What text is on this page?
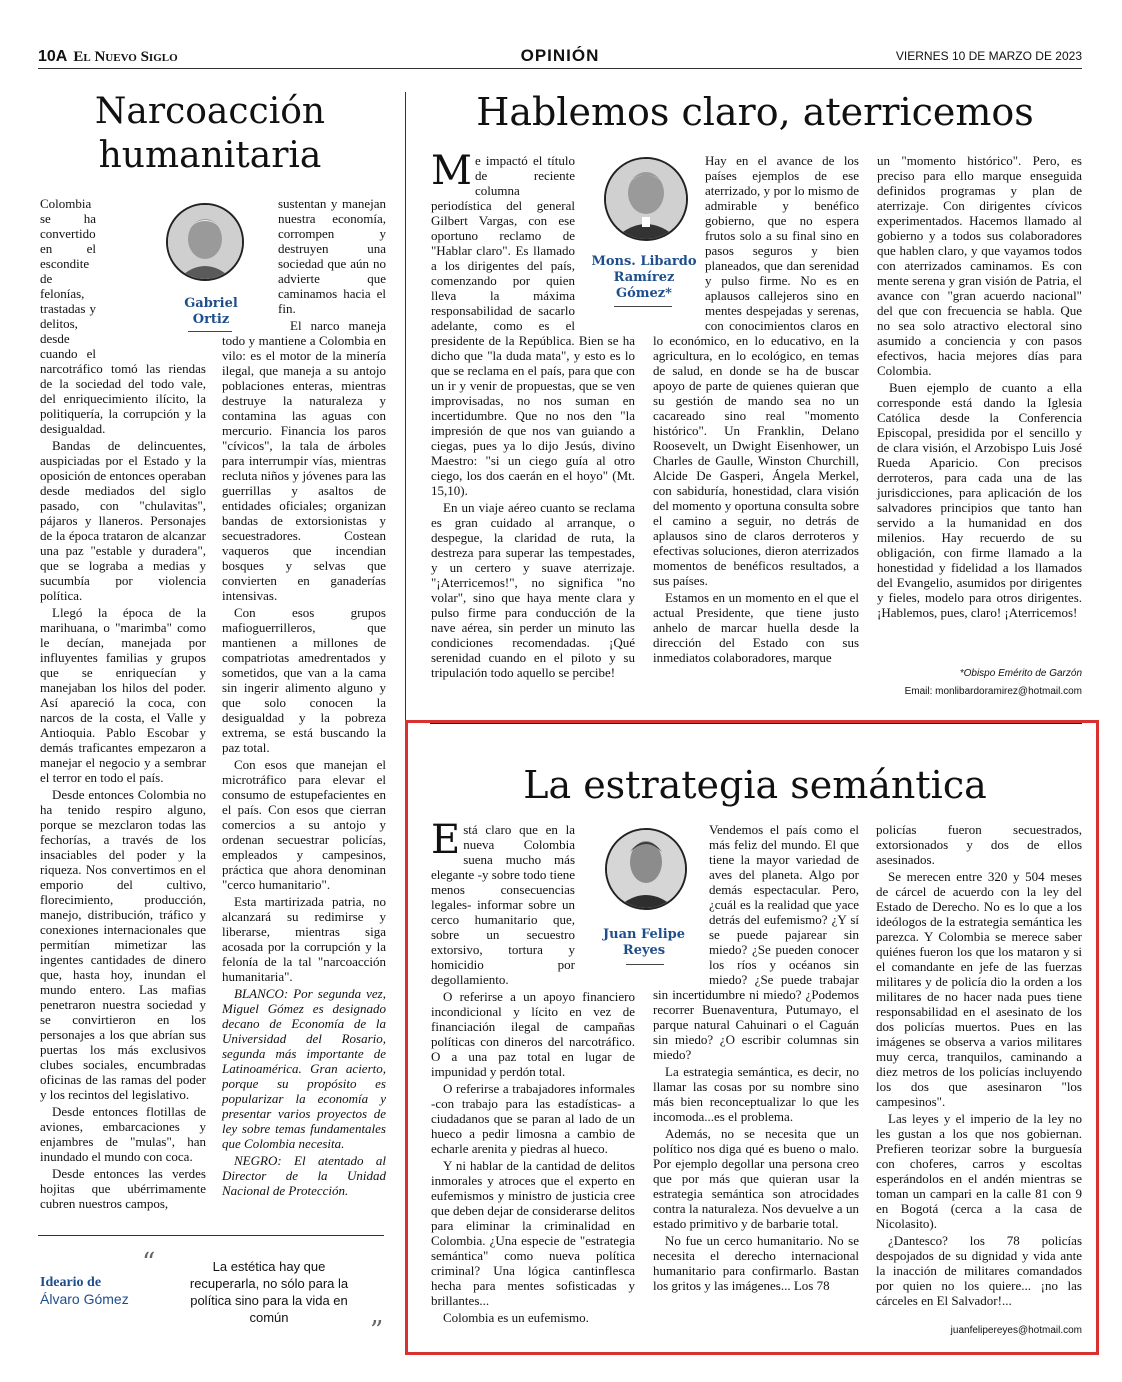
10A El Nuevo Siglo	OPINIÓN	VIERNES 10 DE MARZO DE 2023
Narcoacción humanitaria
Gabriel Ortiz

Colombia se ha convertido en el escondite de felonías, trastadas y delitos, desde cuando el narcotráfico tomó las riendas de la sociedad del todo vale, del enriquecimiento ilícito, la politiquería, la corrupción y la desigualdad.

Bandas de delincuentes, auspiciadas por el Estado y la oposición de entonces operaban desde mediados del siglo pasado, con "chulavitas", pájaros y llaneros. Personajes de la época trataron de alcanzar una paz "estable y duradera", que se lograba a medias y sucumbía por violencia política.

Llegó la época de la marihuana, o "marimba" como le decían, manejada por influyentes familias y grupos que se enriquecían y manejaban los hilos del poder. Así apareció la coca, con narcos de la costa, el Valle y Antioquia. Pablo Escobar y demás traficantes empezaron a manejar el negocio y a sembrar el terror en todo el país.

Desde entonces Colombia no ha tenido respiro alguno, porque se mezclaron todas las fechorías, a través de los insaciables del poder y la riqueza. Nos convertimos en el emporio del cultivo, florecimiento, producción, manejo, distribución, tráfico y conexiones internacionales que permitían mimetizar las ingentes cantidades de dinero que, hasta hoy, inundan el mundo entero. Las mafias penetraron nuestra sociedad y se convirtieron en los personajes a los que abrían sus puertas los más exclusivos clubes sociales, encumbradas oficinas de las ramas del poder y los recintos del legislativo.

Desde entonces flotillas de aviones, embarcaciones y enjambres de "mulas", han inundado el mundo con coca.

Desde entonces las verdes hojitas que ubérrimamente cubren nuestros campos,

sustentan y manejan nuestra economía, corrompen y destruyen una sociedad que aún no advierte que caminamos hacia el fin.

El narco maneja todo y mantiene a Colombia en vilo: es el motor de la minería ilegal, que maneja a su antojo poblaciones enteras, mientras destruye la naturaleza y contamina las aguas con mercurio. Financia los paros "cívicos", la tala de árboles para interrumpir vías, mientras recluta niños y jóvenes para las guerrillas y asaltos de entidades oficiales; organizan bandas de extorsionistas y secuestradores. Costean vaqueros que incendian bosques y selvas que convierten en ganaderías intensivas.

Con esos grupos mafioguerrilleros, que mantienen a millones de compatriotas amedrentados y sometidos, que van a la cama sin ingerir alimento alguno y que solo conocen la desigualdad y la pobreza extrema, se está buscando la paz total.

Con esos que manejan el microtráfico para elevar el consumo de estupefacientes en el país. Con esos que cierran comercios a su antojo y ordenan secuestrar policías, empleados y campesinos, práctica que ahora denominan "cerco humanitario".

Esta martirizada patria, no alcanzará su redimirse y liberarse, mientras siga acosada por la corrupción y la felonía de la tal "narcoacción humanitaria".

BLANCO: Por segunda vez, Miguel Gómez es designado decano de Economía de la Universidad del Rosario, segunda más importante de Latinoamérica. Gran acierto, porque su propósito es popularizar la economía y presentar varios proyectos de ley sobre temas fundamentales que Colombia necesita.

NEGRO: El atentado al Director de la Unidad Nacional de Protección.

Hablemos claro, aterricemos
Mons. Libardo Ramírez Gómez*

Me impactó el título de reciente columna periodística del general Gilbert Vargas, con ese oportuno reclamo de "Hablar claro". Es llamado a los dirigentes del país, comenzando por quien lleva la máxima responsabilidad de sacarlo adelante, como es el presidente de la República. Bien se ha dicho que "la duda mata", y esto es lo que se reclama en el país, para que con un ir y venir de propuestas, que se ven improvisadas, no nos suman en incertidumbre. Que no nos den "la impresión de que nos van guiando a ciegas, pues ya lo dijo Jesús, divino Maestro: "si un ciego guía al otro ciego, los dos caerán en el hoyo" (Mt. 15,10).

En un viaje aéreo cuanto se reclama es gran cuidado al arranque, o despegue, la claridad de ruta, la destreza para superar las tempestades, y un certero y suave aterrizaje. "¡Aterricemos!", no significa "no volar", sino que haya mente clara y pulso firme para conducción de la nave aérea, sin perder un minuto las condiciones recomendadas. ¡Qué serenidad cuando en el piloto y su tripulación todo aquello se percibe!

Hay en el avance de los países ejemplos de ese aterrizado, y por lo mismo de admirable y benéfico gobierno, que no espera frutos solo a su final sino en pasos seguros y bien planeados, que dan serenidad y pulso firme. No es en aplausos callejeros sino en mentes despejadas y serenas, con conocimientos claros en lo económico, en lo educativo, en la agricultura, en lo ecológico, en temas de salud, en donde se ha de buscar apoyo de parte de quienes quieran que su gestión de mando sea no un cacareado sino real "momento histórico". Un Franklin, Delano Roosevelt, un Dwight Eisenhower, un Charles de Gaulle, Winston Churchill, Alcide De Gasperi, Ángela Merkel, con sabiduría, honestidad, clara visión del momento y oportuna consulta sobre el camino a seguir, no detrás de aplausos sino de claros derroteros y efectivas soluciones, dieron aterrizados momentos de benéficos resultados, a sus países.

Estamos en un momento en el que el actual Presidente, que tiene justo anhelo de marcar huella desde la dirección del Estado con sus inmediatos colaboradores, marque

un "momento histórico". Pero, es preciso para ello marque enseguida definidos programas y plan de aterrizaje. Con dirigentes cívicos experimentados. Hacemos llamado al gobierno y a todos sus colaboradores que hablen claro, y que vayamos todos con aterrizados caminamos. Es con mente serena y gran visión de Patria, el avance con "gran acuerdo nacional" del que con frecuencia se habla. Que no sea solo atractivo electoral sino asumido a conciencia y con pasos efectivos, hacia mejores días para Colombia.

Buen ejemplo de cuanto a ella corresponde está dando la Iglesia Católica desde la Conferencia Episcopal, presidida por el sencillo y de clara visión, el Arzobispo Luis José Rueda Aparicio. Con precisos derroteros, para cada una de las jurisdicciones, para aplicación de los salvadores principios que tanto han servido a la humanidad en dos milenios. Hay recuerdo de su obligación, con firme llamado a la honestidad y fidelidad a los llamados del Evangelio, asumidos por dirigentes y fieles, modelo para otros dirigentes. ¡Hablemos, pues, claro! ¡Aterricemos!

*Obispo Emérito de Garzón
Email: monlibardoramirez@hotmail.com
La estrategia semántica
Juan Felipe Reyes

Está claro que en la nueva Colombia suena mucho más elegante -y sobre todo tiene menos consecuencias legales- informar sobre un cerco humanitario que, sobre un secuestro extorsivo, tortura y homicidio por degollamiento.

O referirse a un apoyo financiero incondicional y lícito en vez de financiación ilegal de campañas políticas con dineros del narcotráfico. O a una paz total en lugar de impunidad y perdón total.

O referirse a trabajadores informales -con trabajo para las estadísticas- a ciudadanos que se paran al lado de un hueco a pedir limosna a cambio de echarle arenita y piedras al hueco.

Y ni hablar de la cantidad de delitos inmorales y atroces que el experto en eufemismos y ministro de justicia cree que deben dejar de considerarse delitos para eliminar la criminalidad en Colombia. ¿Una especie de "estrategia semántica" como nueva política criminal? Una lógica cantinflesca hecha para mentes sofisticadas y brillantes...

Colombia es un eufemismo.

Vendemos el país como el más feliz del mundo. El que tiene la mayor variedad de aves del planeta. Algo por demás espectacular. Pero, ¿cuál es la realidad que yace detrás del eufemismo? ¿Y sí se puede pajarear sin miedo? ¿Se pueden conocer los ríos y océanos sin miedo? ¿Se puede trabajar sin incertidumbre ni miedo? ¿Podemos recorrer Buenaventura, Putumayo, el parque natural Cahuinari o el Caguán sin miedo? ¿O escribir columnas sin miedo?

La estrategia semántica, es decir, no llamar las cosas por su nombre sino más bien reconceptualizar lo que les incomoda...es el problema.

Además, no se necesita que un político nos diga qué es bueno o malo. Por ejemplo degollar una persona creo que por más que quieran usar la estrategia semántica son atrocidades contra la naturaleza. Nos devuelve a un estado primitivo y de barbarie total.

No fue un cerco humanitario. No se necesita el derecho internacional humanitario para confirmarlo. Bastan los gritos y las imágenes... Los 78

policías fueron secuestrados, extorsionados y dos de ellos asesinados.

Se merecen entre 320 y 504 meses de cárcel de acuerdo con la ley del Estado de Derecho. No es lo que a los ideólogos de la estrategia semántica les parezca. Y Colombia se merece saber quiénes fueron los que los mataron y si el comandante en jefe de las fuerzas militares y de policía dio la orden a los militares de no hacer nada pues tiene responsabilidad en el asesinato de los dos policías muertos. Pues en las imágenes se observa a varios militares muy cerca, tranquilos, caminando a diez metros de los policías incluyendo los dos que asesinaron "los campesinos".

Las leyes y el imperio de la ley no les gustan a los que nos gobiernan. Prefieren teorizar sobre la burguesía con choferes, carros y escoltas esperándolos en el andén mientras se toman un campari en la calle 81 con 9 en Bogotá (cerca a la casa de Nicolasito).

¿Dantesco? los 78 policías despojados de su dignidad y vida ante la inacción de militares comandados por quien no los quiere... ¡no las cárceles en El Salvador!...

juanfelipereyes@hotmail.com
Ideario de
Álvaro Gómez
“	La estética hay que recuperarla, no sólo para la política sino para la vida en común	”
